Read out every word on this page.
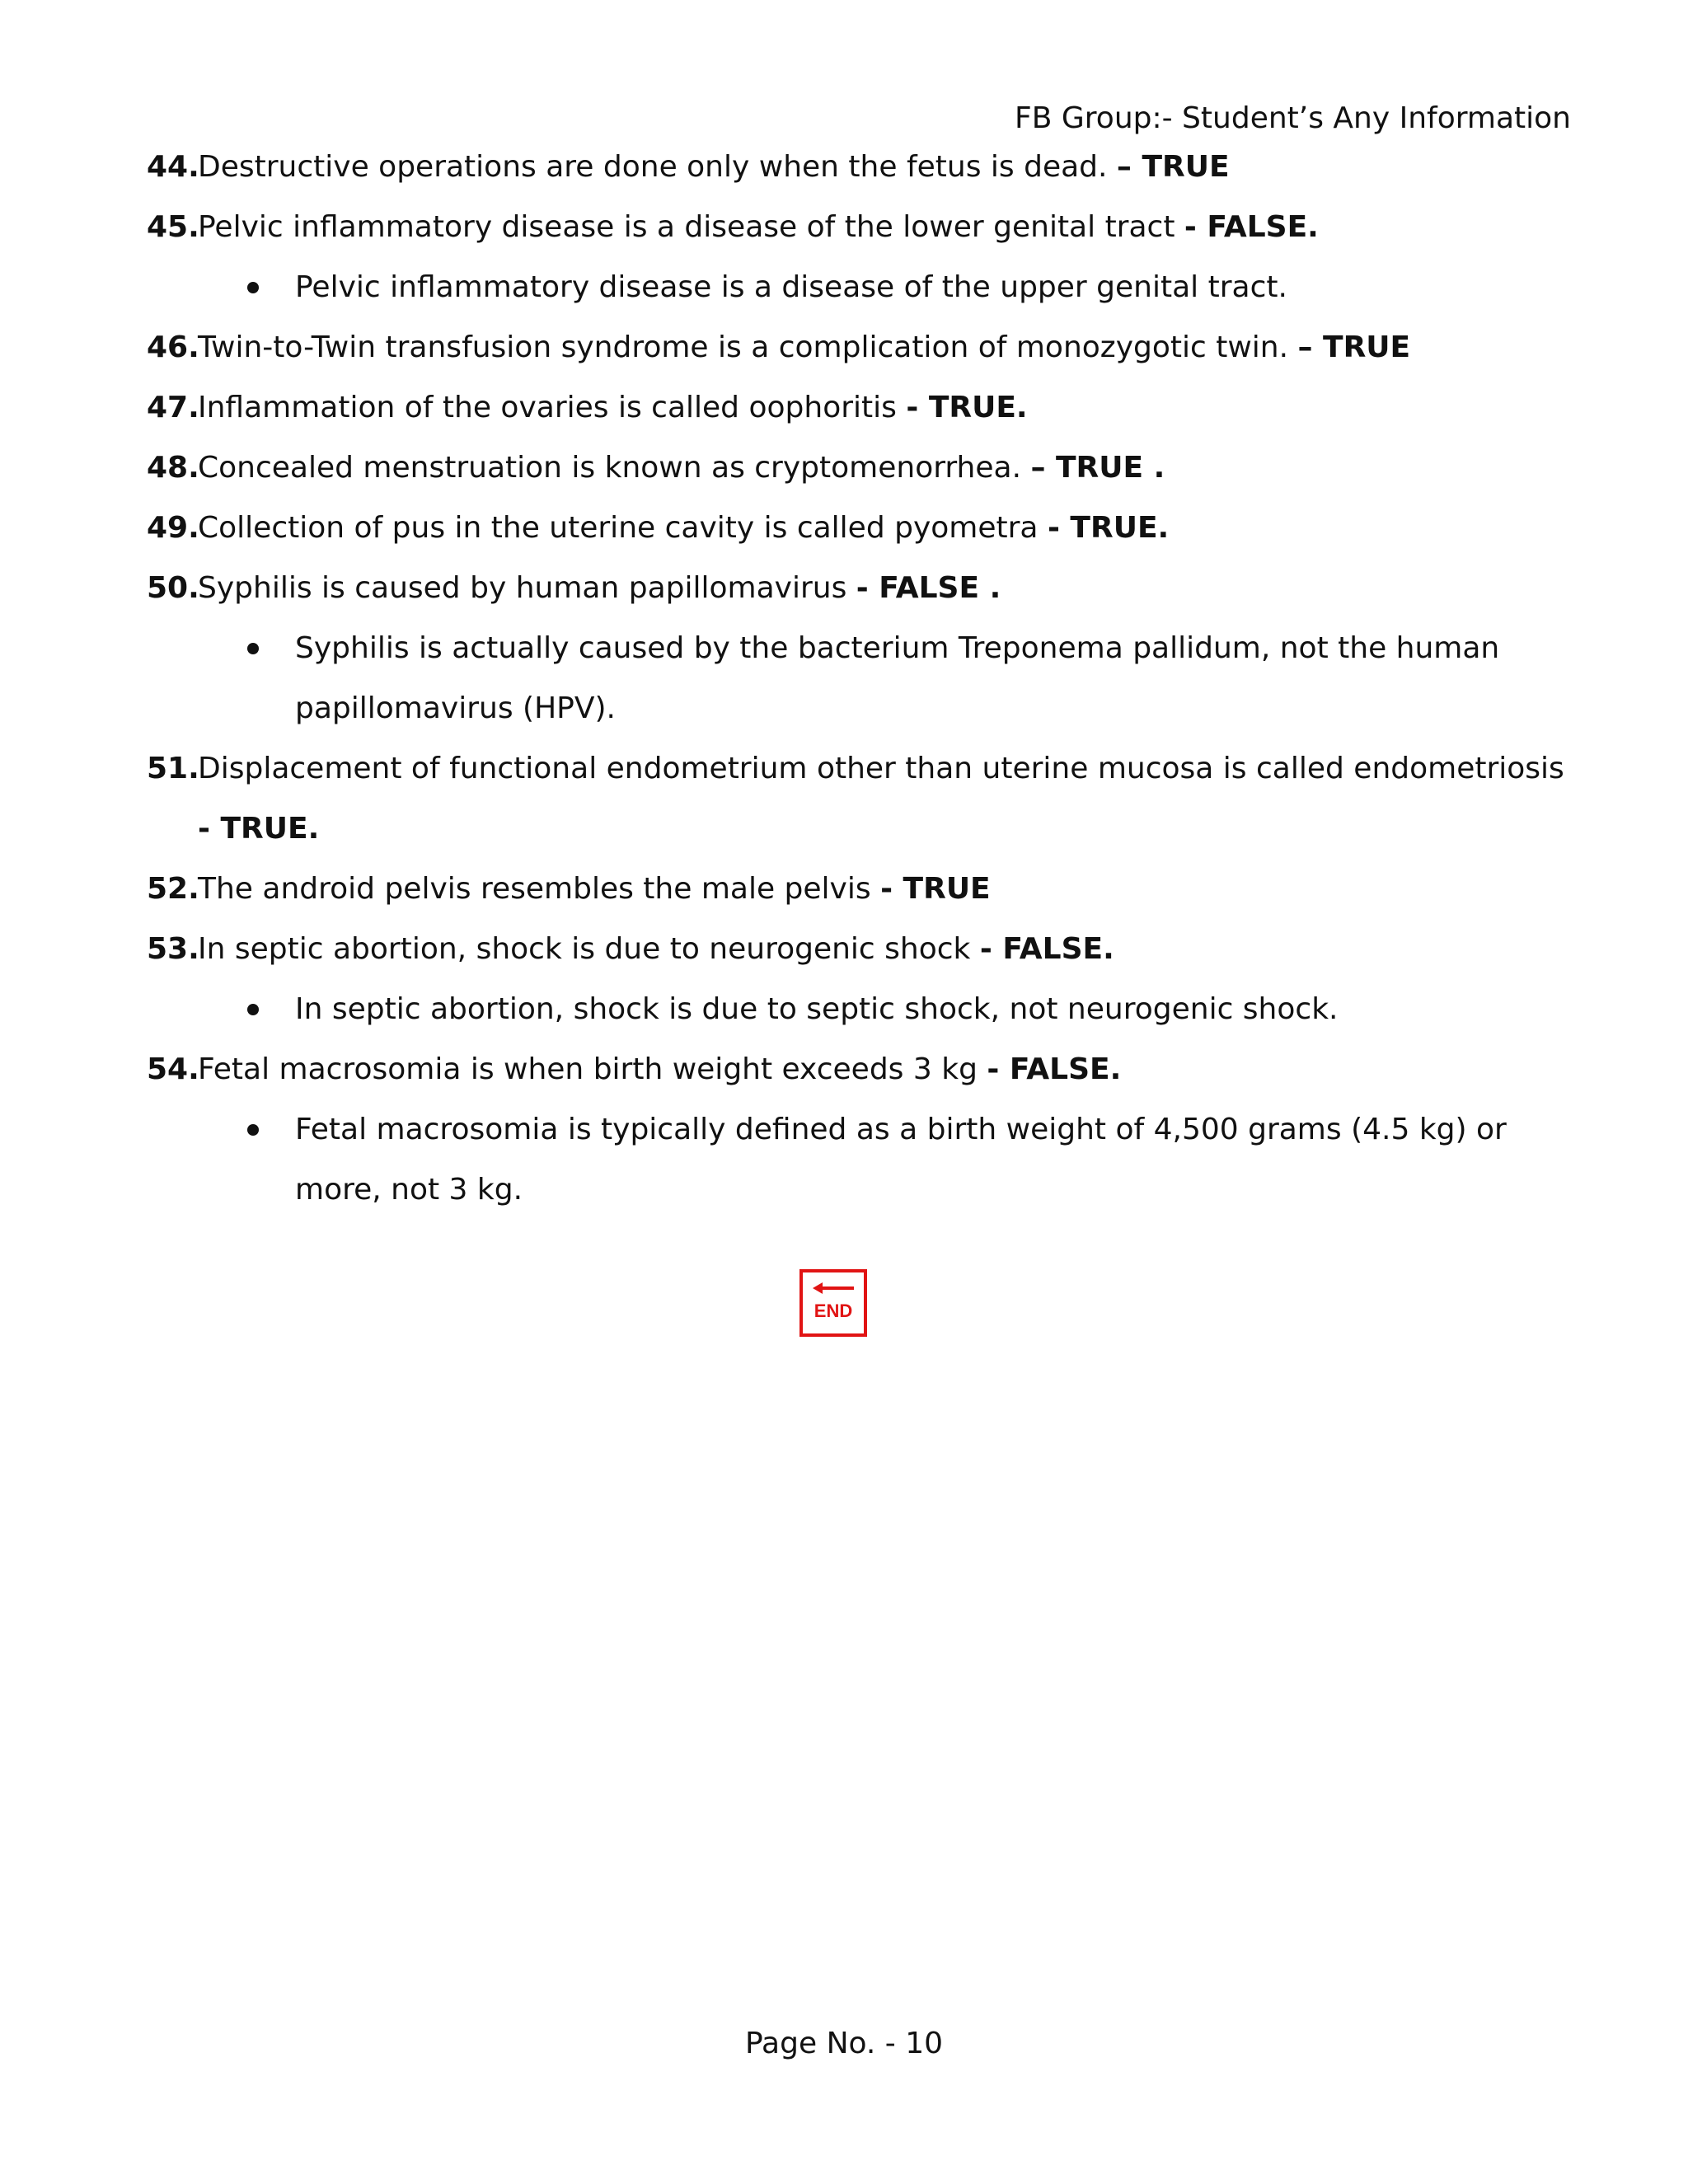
FB Group:- Student’s Any Information
44.
Destructive operations are done only when the fetus is dead. – TRUE
45.
Pelvic inflammatory disease is a disease of the lower genital tract - FALSE.
Pelvic inflammatory disease is a disease of the upper genital tract.
46.
Twin-to-Twin transfusion syndrome is a complication of monozygotic twin. – TRUE
47.
Inflammation of the ovaries is called oophoritis - TRUE.
48.
Concealed menstruation is known as cryptomenorrhea. – TRUE .
49.
Collection of pus in the uterine cavity is called pyometra - TRUE.
50.
Syphilis is caused by human papillomavirus - FALSE .
Syphilis is actually caused by the bacterium Treponema pallidum, not the human papillomavirus (HPV).
51.
Displacement of functional endometrium other than uterine mucosa is called endometriosis - TRUE.
52.
The android pelvis resembles the male pelvis - TRUE
53.
In septic abortion, shock is due to neurogenic shock - FALSE.
In septic abortion, shock is due to septic shock, not neurogenic shock.
54.
Fetal macrosomia is when birth weight exceeds 3 kg - FALSE.
Fetal macrosomia is typically defined as a birth weight of 4,500 grams (4.5 kg) or more, not 3 kg.
END
Page No. - 10
